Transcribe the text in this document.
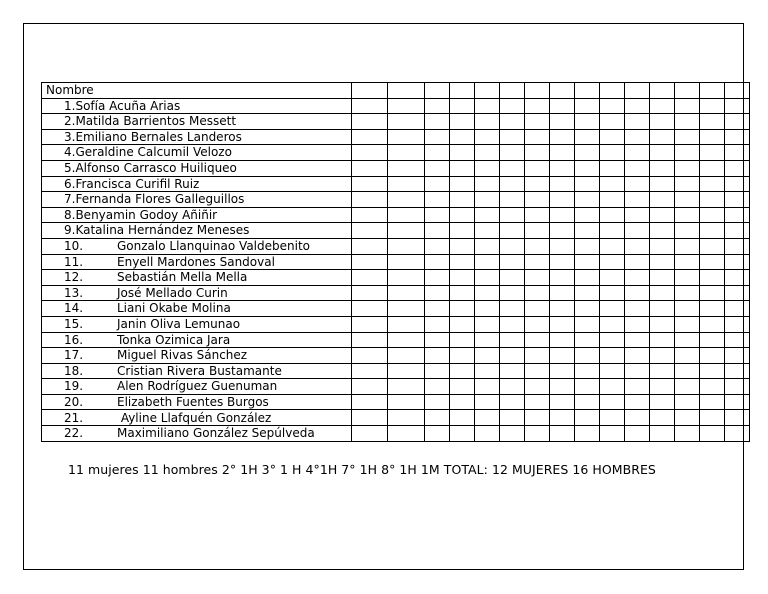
Nombre															
1.Sofía Acuña Arias															
2.Matilda Barrientos Messett															
3.Emiliano Bernales Landeros															
4.Geraldine Calcumil Velozo															
5.Alfonso Carrasco Huiliqueo															
6.Francisca Curifil Ruiz															
7.Fernanda Flores Galleguillos															
8.Benyamin Godoy Añiñir															
9.Katalina Hernández Meneses															
10. Gonzalo Llanquinao Valdebenito															
11. Enyell Mardones Sandoval															
12. Sebastián Mella Mella															
13. José Mellado Curin															
14. Liani Okabe Molina															
15. Janin Oliva Lemunao															
16. Tonka Ozimica Jara															
17. Miguel Rivas Sánchez															
18. Cristian Rivera Bustamante															
19. Alen Rodríguez Guenuman															
20. Elizabeth Fuentes Burgos															
21. Ayline Llafquén González															
22. Maximiliano González Sepúlveda															
11 mujeres 11 hombres 2° 1H 3° 1 H 4°1H 7° 1H 8° 1H 1M TOTAL: 12 MUJERES 16 HOMBRES
